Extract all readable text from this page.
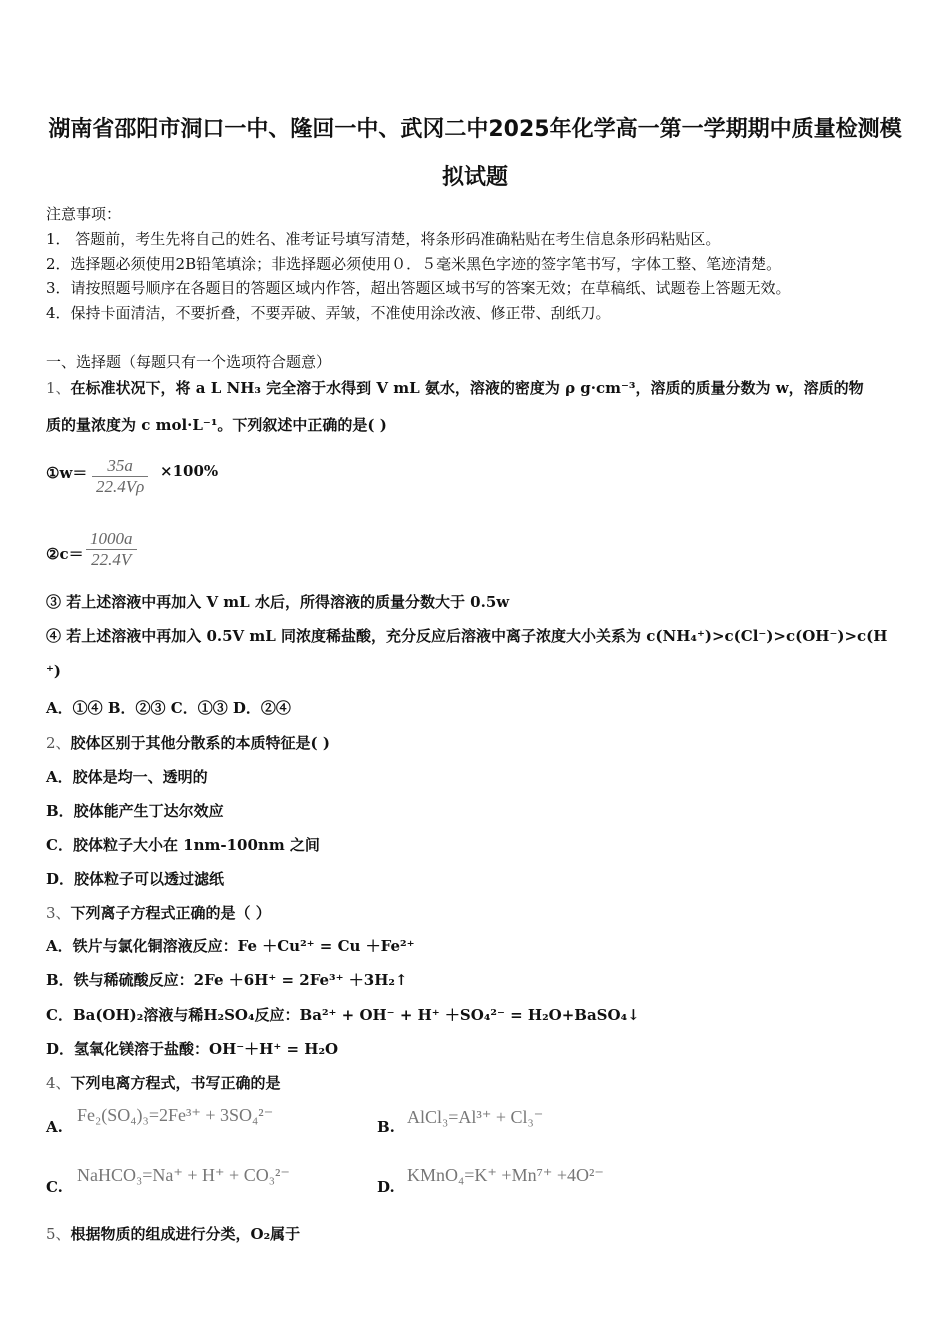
湖南省邵阳市洞口一中、隆回一中、武冈二中2025年化学高一第一学期期中质量检测模
拟试题
注意事项：
1． 答题前，考生先将自己的姓名、准考证号填写清楚，将条形码准确粘贴在考生信息条形码粘贴区。
2．选择题必须使用2B铅笔填涂；非选择题必须使用０．５毫米黑色字迹的签字笔书写，字体工整、笔迹清楚。
3．请按照题号顺序在各题目的答题区域内作答，超出答题区域书写的答案无效；在草稿纸、试题卷上答题无效。
4．保持卡面清洁，不要折叠，不要弄破、弄皱，不准使用涂改液、修正带、刮纸刀。
一、选择题（每题只有一个选项符合题意）
1、在标准状况下，将 a L NH₃ 完全溶于水得到 V mL 氨水，溶液的密度为 ρ g·cm⁻³，溶质的质量分数为 w，溶质的物
质的量浓度为 c mol·L⁻¹。下列叙述中正确的是( )
①w＝	35a
22.4Vρ
×100%
②c＝
1000a
22.4V
③ 若上述溶液中再加入 V mL 水后，所得溶液的质量分数大于 0.5w
④ 若上述溶液中再加入 0.5V mL 同浓度稀盐酸，充分反应后溶液中离子浓度大小关系为 c(NH₄⁺)>c(Cl⁻)>c(OH⁻)>c(H
⁺)
A．①④ B．②③ C．①③ D．②④
2、胶体区别于其他分散系的本质特征是( )
A．胶体是均一、透明的
B．胶体能产生丁达尔效应
C．胶体粒子大小在 1nm-100nm 之间
D．胶体粒子可以透过滤纸
3、下列离子方程式正确的是（ ）
A．铁片与氯化铜溶液反应：Fe ＋Cu²⁺ = Cu ＋Fe²⁺
B．铁与稀硫酸反应：2Fe ＋6H⁺ = 2Fe³⁺ ＋3H₂↑
C．Ba(OH)₂溶液与稀H₂SO₄反应：Ba²⁺ + OH⁻ + H⁺ ＋SO₄²⁻ = H₂O+BaSO₄↓
D．氢氧化镁溶于盐酸：OH⁻＋H⁺ = H₂O
4、下列电离方程式，书写正确的是
A.
Fe₂(SO₄)₃=2Fe³⁺ + 3SO₄²⁻
B. AlCl₃=Al³⁺ + Cl₃⁻
C.
NaHCO₃=Na⁺ + H⁺ + CO₃²⁻
D.
KMnO₄=K⁺ +Mn⁷⁺ +4O²⁻
5、根据物质的组成进行分类，O₂属于
